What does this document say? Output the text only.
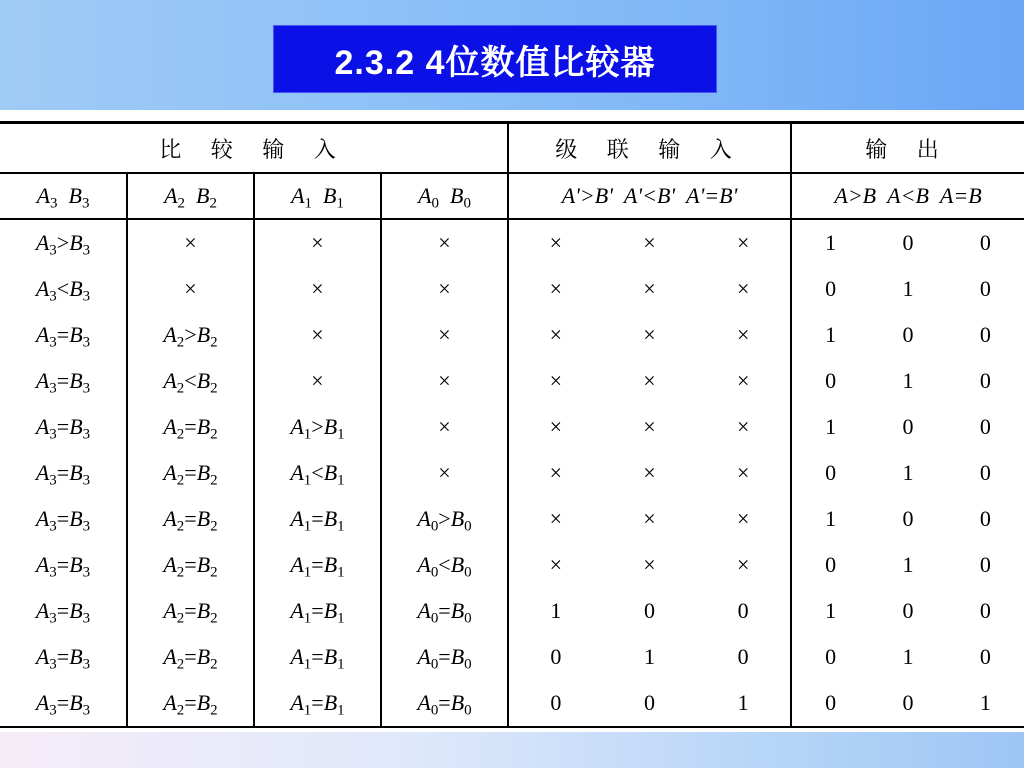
2.3.2 4位数值比较器
比 较 输 入				级 联 输 入	输 出
$A_3$ $B_3$	$A_2$ $B_2$	$A_1$ $B_1$	$A_0$ $B_0$	A'>B' A'<B' A'=B'	A>B A<B A=B
$A_3>B_3$	×	×	×	× × ×	1 0 0

$A_3<B_3$	×	×	×	× × ×	0 1 0

$A_3=B_3$	$A_2>B_2$	×	×	× × ×	1 0 0

$A_3=B_3$	$A_2<B_2$	×	×	× × ×	0 1 0

$A_3=B_3$	$A_2=B_2$	$A_1>B_1$	×	× × ×	1 0 0

$A_3=B_3$	$A_2=B_2$	$A_1<B_1$	×	× × ×	0 1 0

$A_3=B_3$	$A_2=B_2$	$A_1=B_1$	$A_0>B_0$	× × ×	1 0 0

$A_3=B_3$	$A_2=B_2$	$A_1=B_1$	$A_0<B_0$	× × ×	0 1 0

$A_3=B_3$	$A_2=B_2$	$A_1=B_1$	$A_0=B_0$	1 0 0	1 0 0

$A_3=B_3$	$A_2=B_2$	$A_1=B_1$	$A_0=B_0$	0 1 0	0 1 0

$A_3=B_3$	$A_2=B_2$	$A_1=B_1$	$A_0=B_0$	0 0 1	0 0 1
